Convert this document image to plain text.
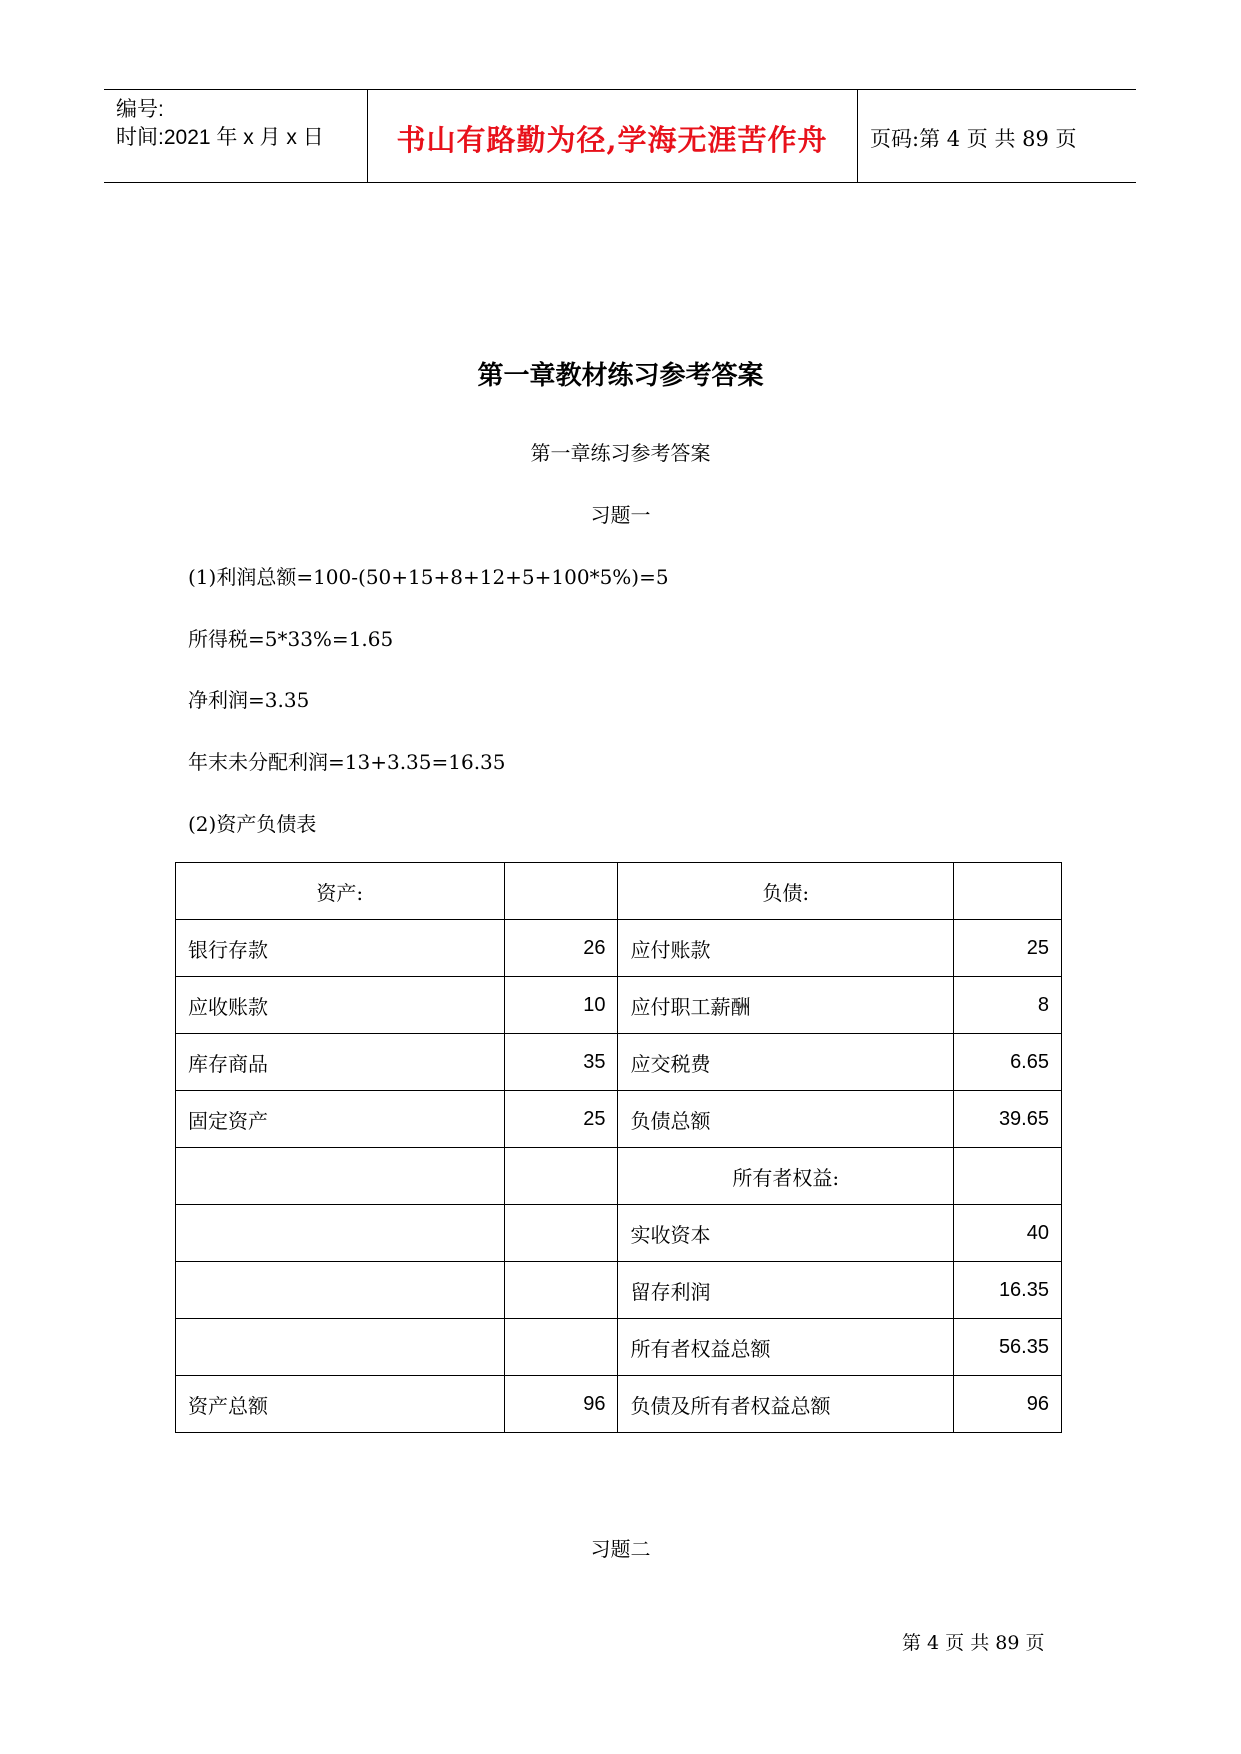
编号:
时间:2021 年 x 月 x 日	书山有路勤为径,学海无涯苦作舟	页码:第 4 页 共 89 页
第一章教材练习参考答案
第一章练习参考答案
习题一
(1)利润总额=100-(50+15+8+12+5+100*5%)=5
所得税=5*33%=1.65
净利润=3.35
年末未分配利润=13+3.35=16.35
(2)资产负债表
资产:		负债:	
银行存款	26	应付账款	25
应收账款	10	应付职工薪酬	8
库存商品	35	应交税费	6.65
固定资产	25	负债总额	39.65
		所有者权益:	
		实收资本	40
		留存利润	16.35
		所有者权益总额	56.35
资产总额	96	负债及所有者权益总额	96
习题二
第 4 页 共 89 页
